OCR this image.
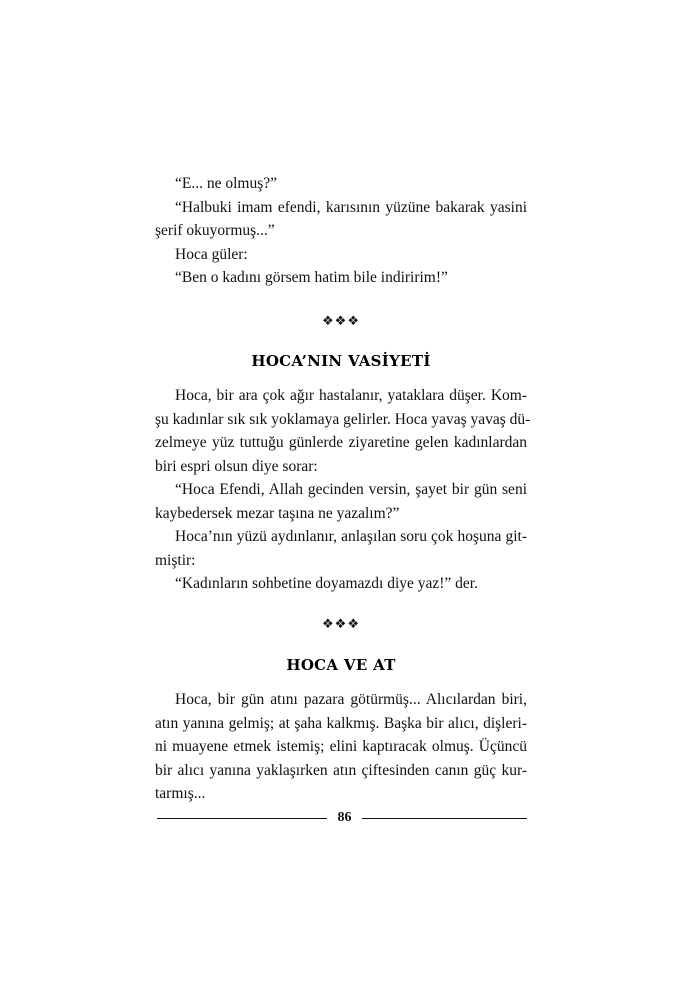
“E... ne olmuş?”

“Halbuki imam efendi, karısının yüzüne bakarak yasini

şerif okuyormuş...”

Hoca güler:

“Ben o kadını görsem hatim bile indiririm!”

❖❖❖
HOCA’NIN VASİYETİ

Hoca, bir ara çok ağır hastalanır, yataklara düşer. Kom-

şu kadınlar sık sık yoklamaya gelirler. Hoca yavaş yavaş dü-

zelmeye yüz tuttuğu günlerde ziyaretine gelen kadınlardan

biri espri olsun diye sorar:

“Hoca Efendi, Allah gecinden versin, şayet bir gün seni

kaybedersek mezar taşına ne yazalım?”

Hoca’nın yüzü aydınlanır, anlaşılan soru çok hoşuna git-

miştir:

“Kadınların sohbetine doyamazdı diye yaz!” der.

❖❖❖
HOCA VE AT

Hoca, bir gün atını pazara götürmüş... Alıcılardan biri,

atın yanına gelmiş; at şaha kalkmış. Başka bir alıcı, dişleri-

ni muayene etmek istemiş; elini kaptıracak olmuş. Üçüncü

bir alıcı yanına yaklaşırken atın çiftesinden canın güç kur-

tarmış...

86
